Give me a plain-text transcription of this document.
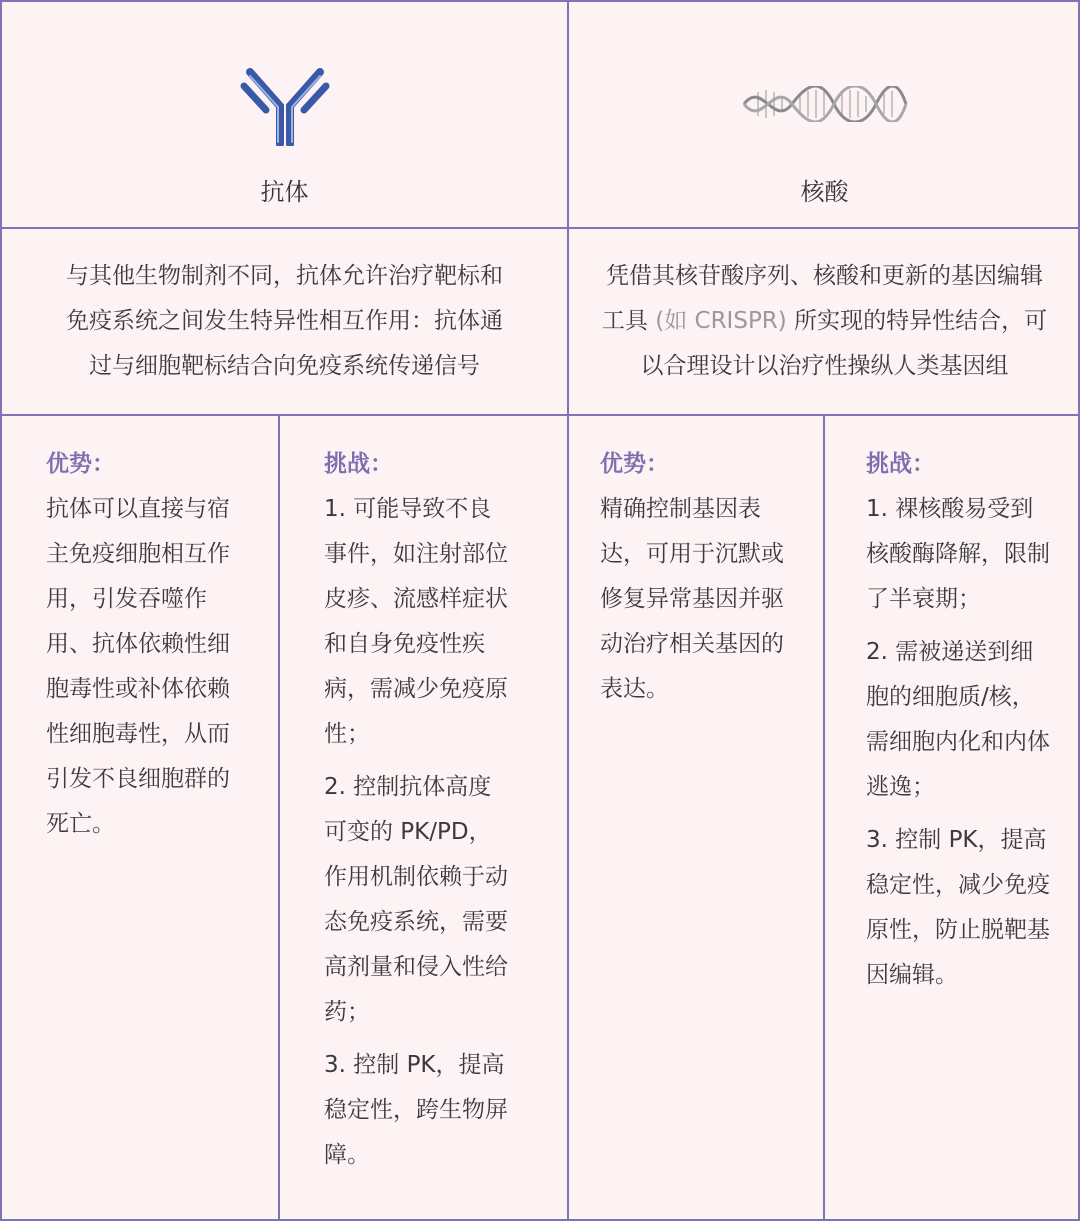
抗体	核酸
与其他生物制剂不同，抗体允许治疗靶标和
免疫系统之间发生特异性相互作用：抗体通
过与细胞靶标结合向免疫系统传递信号
凭借其核苷酸序列、核酸和更新的基因编辑
工具 (如 CRISPR) 所实现的特异性结合，可
以合理设计以治疗性操纵人类基因组

优势：

抗体可以直接与宿主免疫细胞相互作用，引发吞噬作用、抗体依赖性细胞毒性或补体依赖性细胞毒性，从而引发不良细胞群的死亡。

挑战：

1. 可能导致不良事件，如注射部位皮疹、流感样症状和自身免疫性疾病，需减少免疫原性；

2. 控制抗体高度可变的 PK/PD，作用机制依赖于动态免疫系统，需要高剂量和侵入性给药；

3. 控制 PK，提高稳定性，跨生物屏障。

优势：

精确控制基因表达，可用于沉默或修复异常基因并驱动治疗相关基因的表达。

挑战：

1. 裸核酸易受到核酸酶降解，限制了半衰期；

2. 需被递送到细胞的细胞质/核，需细胞内化和内体逃逸；

3. 控制 PK，提高稳定性，减少免疫原性，防止脱靶基因编辑。
